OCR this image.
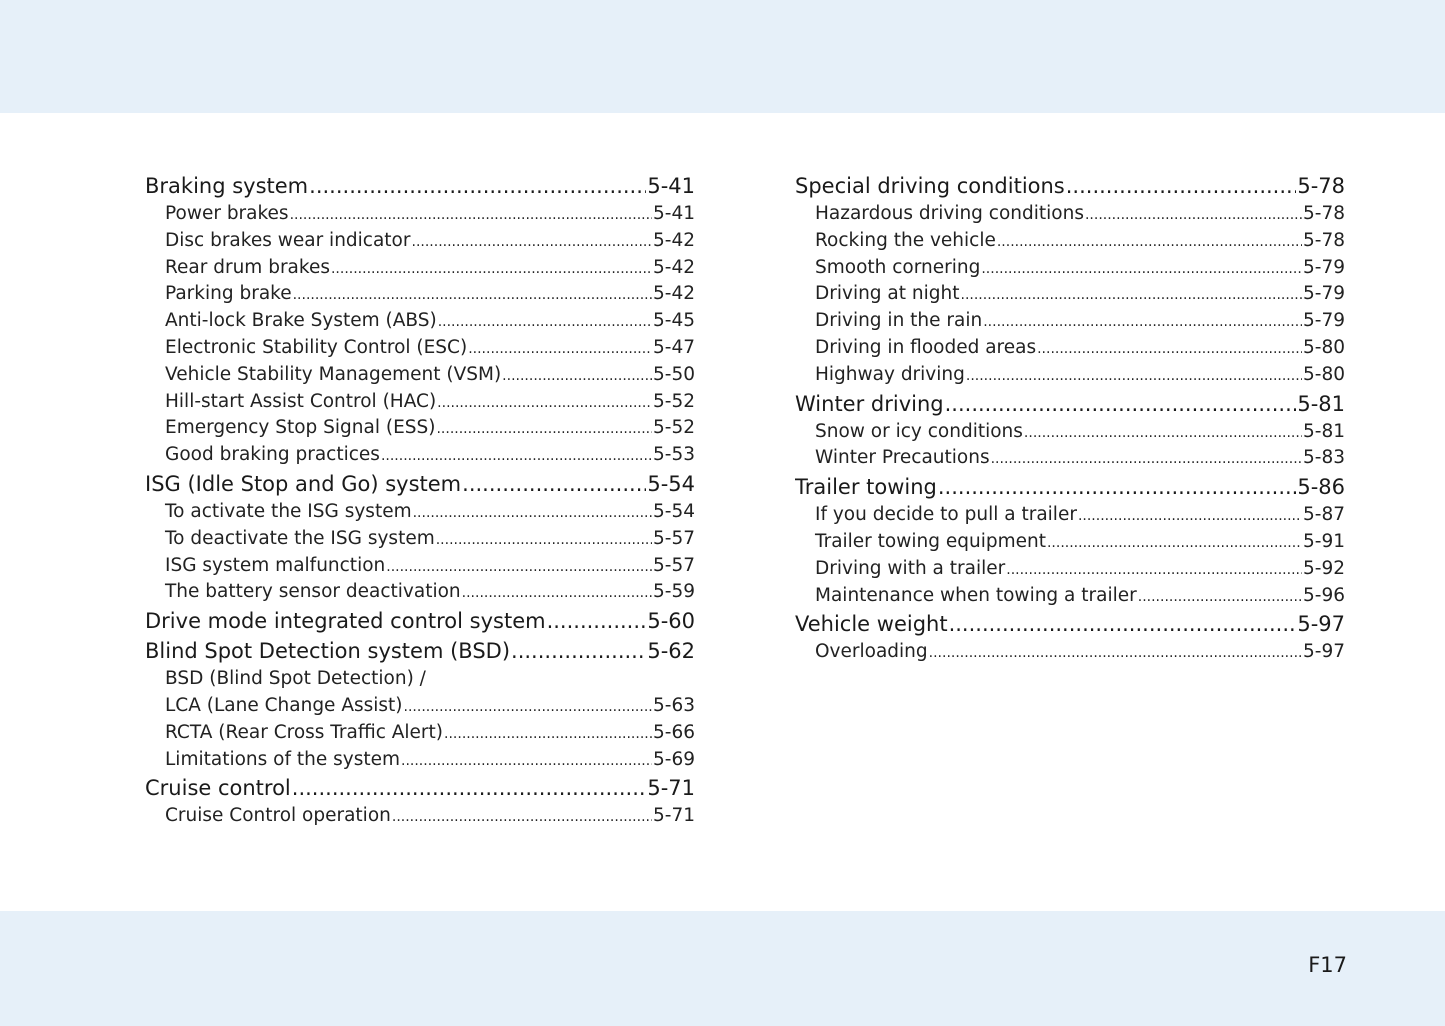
Braking system .....	5-41
Power brakes .....	5-41
Disc brakes wear indicator .....	5-42
Rear drum brakes .....	5-42
Parking brake .....	5-42
Anti-lock Brake System (ABS) .....	5-45
Electronic Stability Control (ESC) .....	5-47
Vehicle Stability Management (VSM) .....	5-50
Hill-start Assist Control (HAC) .....	5-52
Emergency Stop Signal (ESS) .....	5-52
Good braking practices .....	5-53
ISG (Idle Stop and Go) system .....	5-54
To activate the ISG system .....	5-54
To deactivate the ISG system .....	5-57
ISG system malfunction .....	5-57
The battery sensor deactivation .....	5-59
Drive mode integrated control system .....	5-60
Blind Spot Detection system (BSD) .....	5-62
BSD (Blind Spot Detection) /
LCA (Lane Change Assist) .....	5-63
RCTA (Rear Cross Traffic Alert) .....	5-66
Limitations of the system .....	5-69
Cruise control .....	5-71
Cruise Control operation .....	5-71
Special driving conditions .....	5-78
Hazardous driving conditions .....	5-78
Rocking the vehicle .....	5-78
Smooth cornering .....	5-79
Driving at night .....	5-79
Driving in the rain .....	5-79
Driving in flooded areas .....	5-80
Highway driving .....	5-80
Winter driving .....	5-81
Snow or icy conditions .....	5-81
Winter Precautions .....	5-83
Trailer towing .....	5-86
If you decide to pull a trailer .....	5-87
Trailer towing equipment .....	5-91
Driving with a trailer .....	5-92
Maintenance when towing a trailer .....	5-96
Vehicle weight .....	5-97
Overloading .....	5-97
F17
